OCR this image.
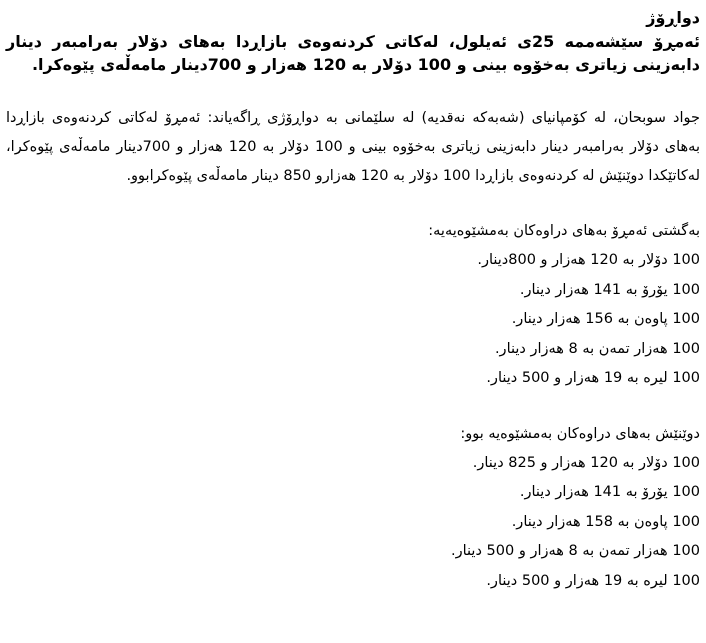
دواڕۆژ

ئەمڕۆ سێشەممە 25ی ئەیلول، لەکاتی کردنەوەی بازاڕدا بەهای دۆلار بەرامبەر دینار دابەزینی زیاتری بەخۆوە بینی و 100 دۆلار بە 120 هەزار و 700دینار مامەڵەی پێوەکرا.

جواد سوبحان، لە کۆمپانیای (شەبەکە نەقدیە) لە سلێمانی بە دواڕۆژی ڕاگەیاند: ئەمڕۆ لەکاتی کردنەوەی بازاڕدا بەهای دۆلار بەرامبەر دینار دابەزینی زیاتری بەخۆوە بینی و 100 دۆلار بە 120 هەزار و 700دینار مامەڵەی پێوەکرا، لەکاتێکدا دوێنێش لە کردنەوەی بازاڕدا 100 دۆلار بە 120 هەزارو 850 دینار مامەڵەی پێوەکرابوو.

بەگشتی ئەمڕۆ بەهای دراوەکان بەمشێوەیەیە:

100 دۆلار بە 120 هەزار و 800دینار.
100 یۆرۆ بە 141 هەزار دینار.
100 پاوەن بە 156 هەزار دینار.
100 هەزار تمەن بە 8 هەزار دینار.
100 لیرە بە 19 هەزار و 500 دینار.

دوێنێش بەهای دراوەکان بەمشێوەیە بوو:

100 دۆلار بە 120 هەزار و 825 دینار.
100 یۆرۆ بە 141 هەزار دینار.
100 پاوەن بە 158 هەزار دینار.
100 هەزار تمەن بە 8 هەزار و 500 دینار.
100 لیرە بە 19 هەزار و 500 دینار.
